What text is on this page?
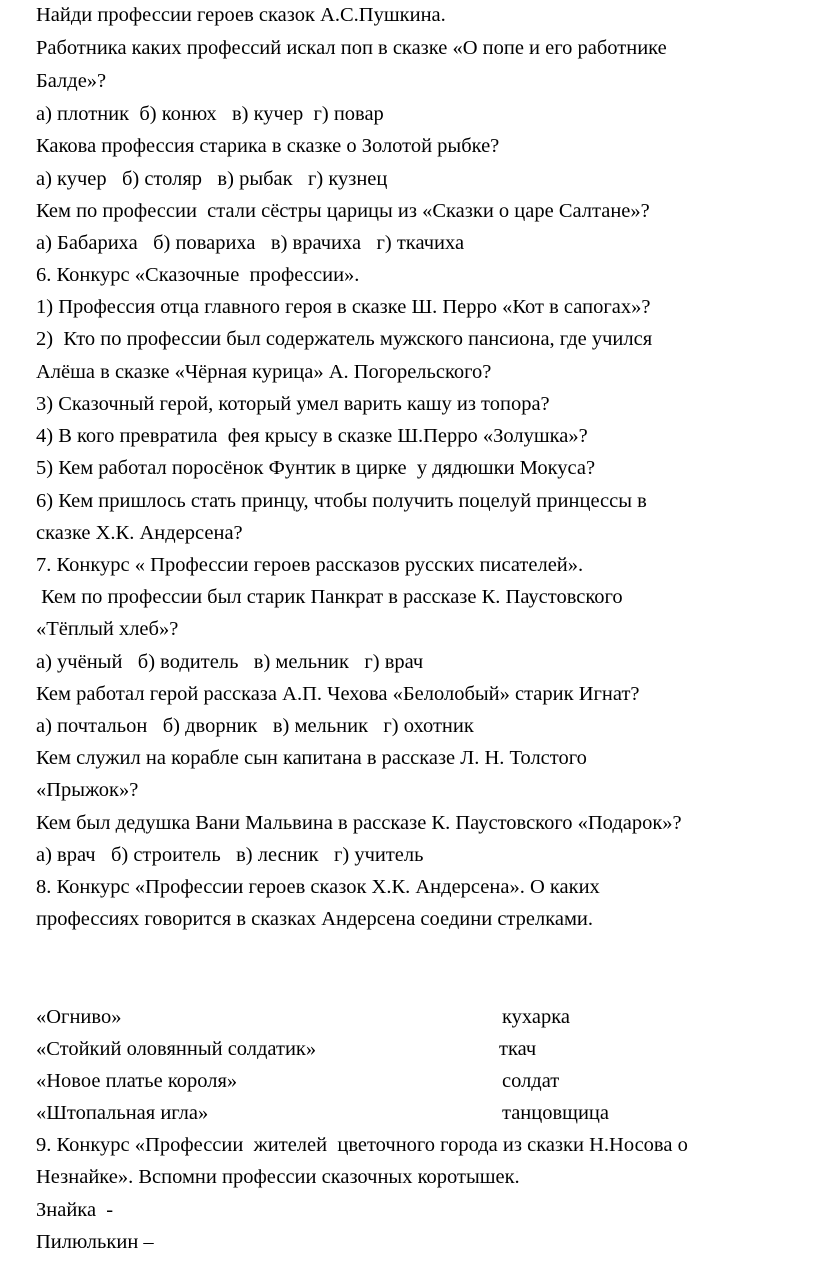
Найди профессии героев сказок А.С.Пушкина.
Работника каких профессий искал поп в сказке «О попе и его работнике
Балде»?
а) плотник  б) конюх   в) кучер  г) повар
Какова профессия старика в сказке о Золотой рыбке?
а) кучер   б) столяр   в) рыбак   г) кузнец
Кем по профессии  стали сёстры царицы из «Сказки о царе Салтане»?
а) Бабариха   б) повариха   в) врачиха   г) ткачиха
6. Конкурс «Сказочные  профессии».
1) Профессия отца главного героя в сказке Ш. Перро «Кот в сапогах»?
2)  Кто по профессии был содержатель мужского пансиона, где учился
Алёша в сказке «Чёрная курица» А. Погорельского?
3) Сказочный герой, который умел варить кашу из топора?
4) В кого превратила  фея крысу в сказке Ш.Перро «Золушка»?
5) Кем работал поросёнок Фунтик в цирке  у дядюшки Мокуса?
6) Кем пришлось стать принцу, чтобы получить поцелуй принцессы в
сказке Х.К. Андерсена?
7. Конкурс « Профессии героев рассказов русских писателей».
Кем по профессии был старик Панкрат в рассказе К. Паустовского
«Тёплый хлеб»?
а) учёный   б) водитель   в) мельник   г) врач
Кем работал герой рассказа А.П. Чехова «Белолобый» старик Игнат?
а) почтальон   б) дворник   в) мельник   г) охотник
Кем служил на корабле сын капитана в рассказе Л. Н. Толстого
«Прыжок»?
Кем был дедушка Вани Мальвина в рассказе К. Паустовского «Подарок»?
а) врач   б) строитель   в) лесник   г) учитель
8. Конкурс «Профессии героев сказок Х.К. Андерсена». О каких
профессиях говорится в сказках Андерсена соедини стрелками.
«Огниво»	кухарка
«Стойкий оловянный солдатик»	ткач
«Новое платье короля»	солдат
«Штопальная игла»	танцовщица
9. Конкурс «Профессии  жителей  цветочного города из сказки Н.Носова о
Незнайке». Вспомни профессии сказочных коротышек.
Знайка  -
Пилюлькин –
